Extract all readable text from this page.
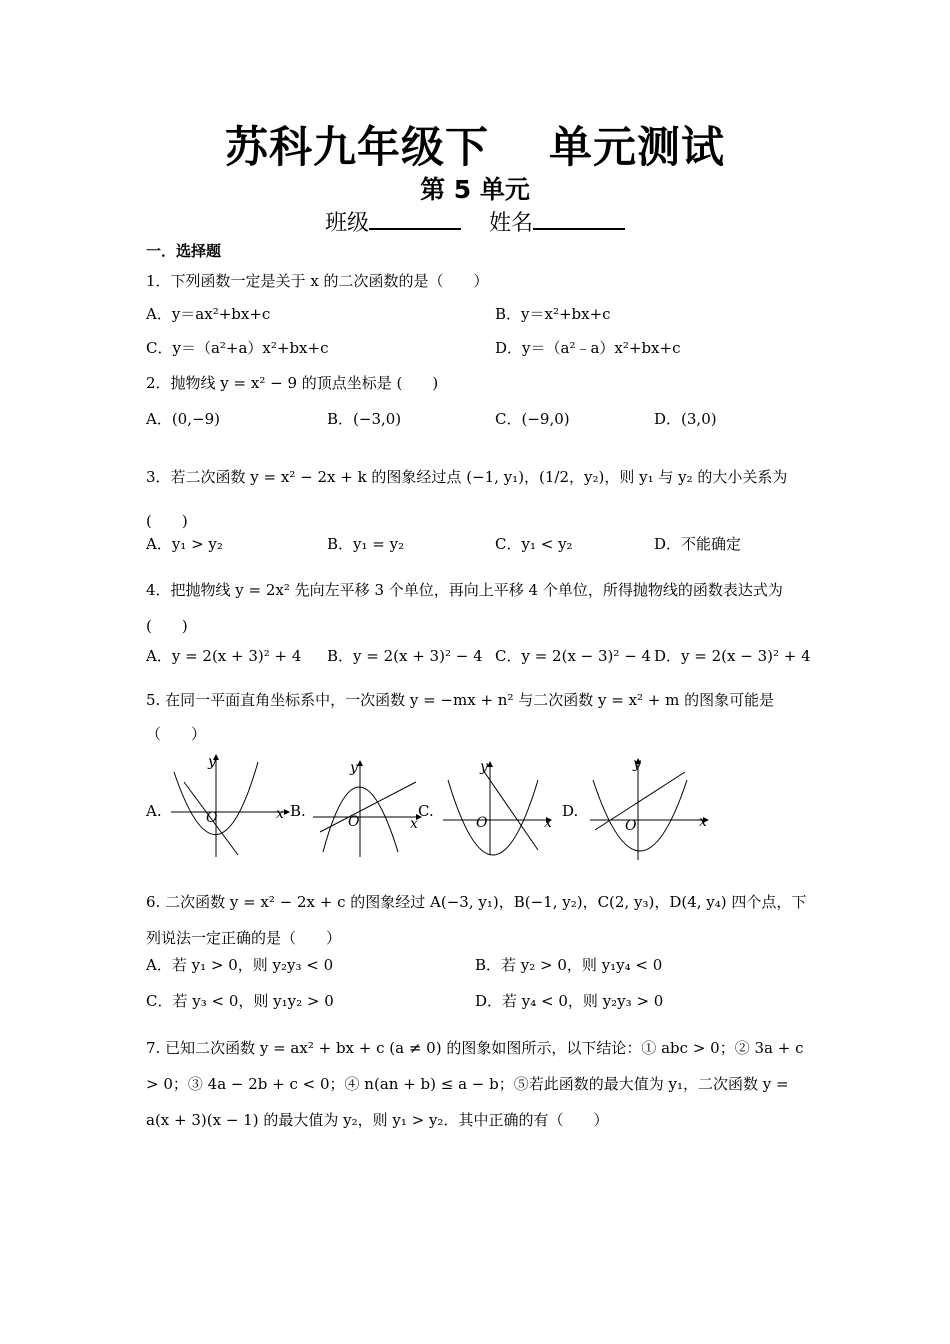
苏科九年级下 单元测试
第 5 单元
班级	姓名
一．选择题
1．下列函数一定是关于 x 的二次函数的是（　　）
A．y＝ax²+bx+c	B．y＝x²+bx+c
C．y＝（a²+a）x²+bx+c	D．y＝（a²﹣a）x²+bx+c
2．抛物线 y = x² − 9 的顶点坐标是 (　　)
A．(0,−9)	B．(−3,0)	C．(−9,0)	D．(3,0)
3．若二次函数 y = x² − 2x + k 的图象经过点 (−1, y₁)，(1/2，y₂)，则 y₁ 与 y₂ 的大小关系为(　　)
A．y₁ > y₂	B．y₁ = y₂	C．y₁ < y₂	D．不能确定
4．把抛物线 y = 2x² 先向左平移 3 个单位，再向上平移 4 个单位，所得抛物线的函数表达式为(　　)
A．y = 2(x + 3)² + 4 B．y = 2(x + 3)² − 4 C．y = 2(x − 3)² − 4 D．y = 2(x − 3)² + 4
5. 在同一平面直角坐标系中，一次函数 y = −mx + n² 与二次函数 y = x² + m 的图象可能是（　　）
A.
y
x
O	B.
y
x
O
C.
y
x
O
D.
y
x
O
6. 二次函数 y = x² − 2x + c 的图象经过 A(−3, y₁)，B(−1, y₂)，C(2, y₃)，D(4, y₄) 四个点，下列说法一定正确的是（　　）
A．若 y₁ > 0，则 y₂y₃ < 0	B．若 y₂ > 0，则 y₁y₄ < 0
C．若 y₃ < 0，则 y₁y₂ > 0	D．若 y₄ < 0，则 y₂y₃ > 0
7. 已知二次函数 y = ax² + bx + c (a ≠ 0) 的图象如图所示，以下结论：① abc > 0；② 3a + c > 0；③ 4a − 2b + c < 0；④ n(an + b) ≤ a − b；⑤若此函数的最大值为 y₁，二次函数 y = a(x + 3)(x − 1) 的最大值为 y₂，则 y₁ > y₂．其中正确的有（　　）
